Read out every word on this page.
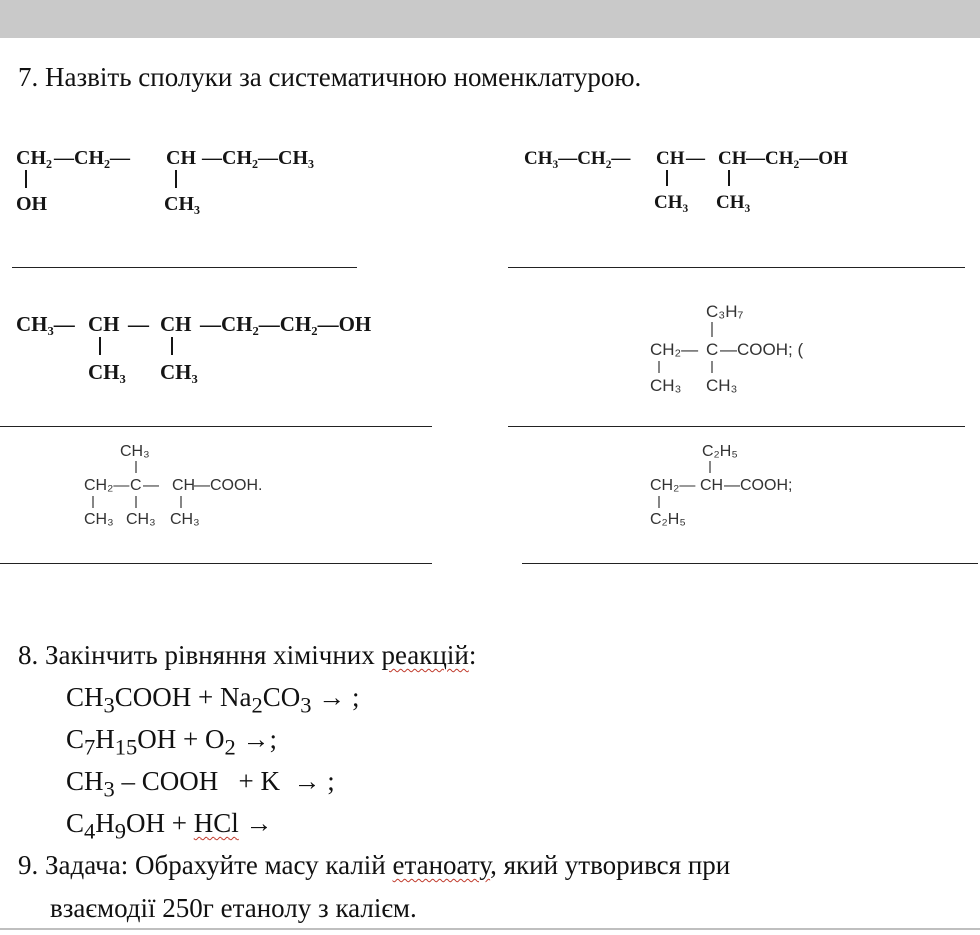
7. Назвіть сполуки за систематичною номенклатурою.
CH₂ —CH₂— CH —CH₂—CH₃
OH	CH₃
CH₃—CH₂— CH — CH —CH₂—OH
CH₃ CH₃
CH₃— CH — CH —CH₂—CH₂—OH
CH₃ CH₃
C₃H₇
CH₂— C —COOH; (
CH₃ CH₃
CH₃
CH₂— C — CH
—COOH.
CH₃ CH₃ CH₃
C₂H₅
CH₂— CH —COOH;
C₂H₅
8. Закінчить рівняння хімічних реакцій:
$CH_3COOH + Na_2CO_3$ → ;
$C_7H_{15}OH + O_2$ →;
$CH_3$ – COOH   + K  → ;
$C_4H_9OH$ + HCl →
9. Задача: Обрахуйте масу калій етаноату, який утворився при
взаємодії 250г етанолу з калієм.
